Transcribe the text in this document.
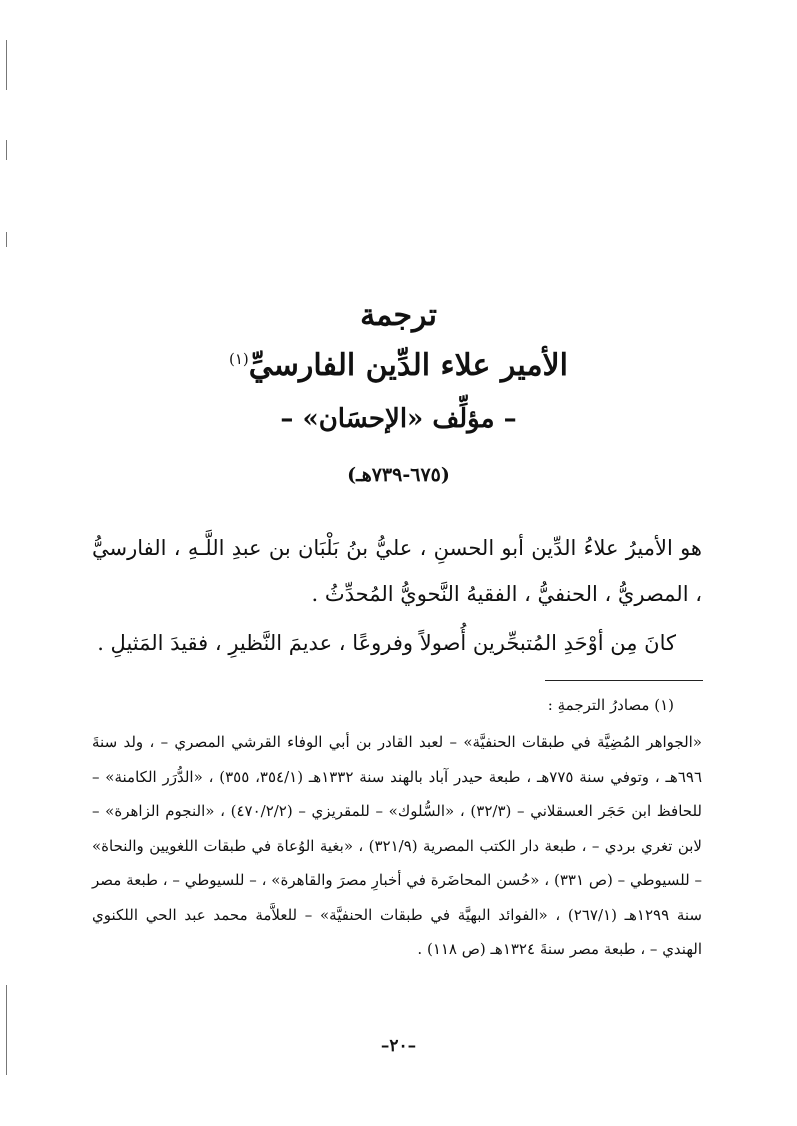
ترجمة
الأمير علاء الدِّين الفارسيِّ$^{(١)}$
– مؤلِّف «الإحسَان» –
(٦٧٥-٧٣٩هـ)
هو الأميرُ علاءُ الدِّين أبو الحسنِ ، عليُّ بنُ بَلْبَان بن عبدِ اللَّـهِ ، الفارسيُّ ، المصريُّ ، الحنفيُّ ، الفقيهُ النَّحويُّ المُحدِّثُ .
كانَ مِن أوْحَدِ المُتبحِّرين أُصولاً وفروعًا ، عديمَ النَّظيرِ ، فقيدَ المَثيلِ .
(١) مصادرُ الترجمةِ :
«الجواهر المُضِيَّة في طبقات الحنفيَّة» – لعبد القادر بن أبي الوفاء القرشي المصري – ، ولد سنةَ ٦٩٦هـ ، وتوفي سنة ٧٧٥هـ ، طبعة حيدر آباد بالهند سنة ١٣٣٢هـ (٣٥٤/١، ٣٥٥) ، «الدُّرَر الكامنة» – للحافظ ابن حَجَر العسقلاني – (٣٢/٣) ، «السُّلوك» – للمقريزي – (٤٧٠/٢/٢) ، «النجوم الزاهرة» – لابن تغري بردي – ، طبعة دار الكتب المصرية (٣٢١/٩) ، «بغية الوُعاة في طبقات اللغويين والنحاة» – للسيوطي – (ص ٣٣١) ، «حُسن المحاضَرة في أخبارِ مصرَ والقاهرة» ، – للسيوطي – ، طبعة مصر سنة ١٢٩٩هـ (٢٦٧/١) ، «الفوائد البهيَّة في طبقات الحنفيَّة» – للعلاَّمة محمد عبد الحي اللكنوي الهندي – ، طبعة مصر سنةَ ١٣٢٤هـ (ص ١١٨) .
–٢٠–
